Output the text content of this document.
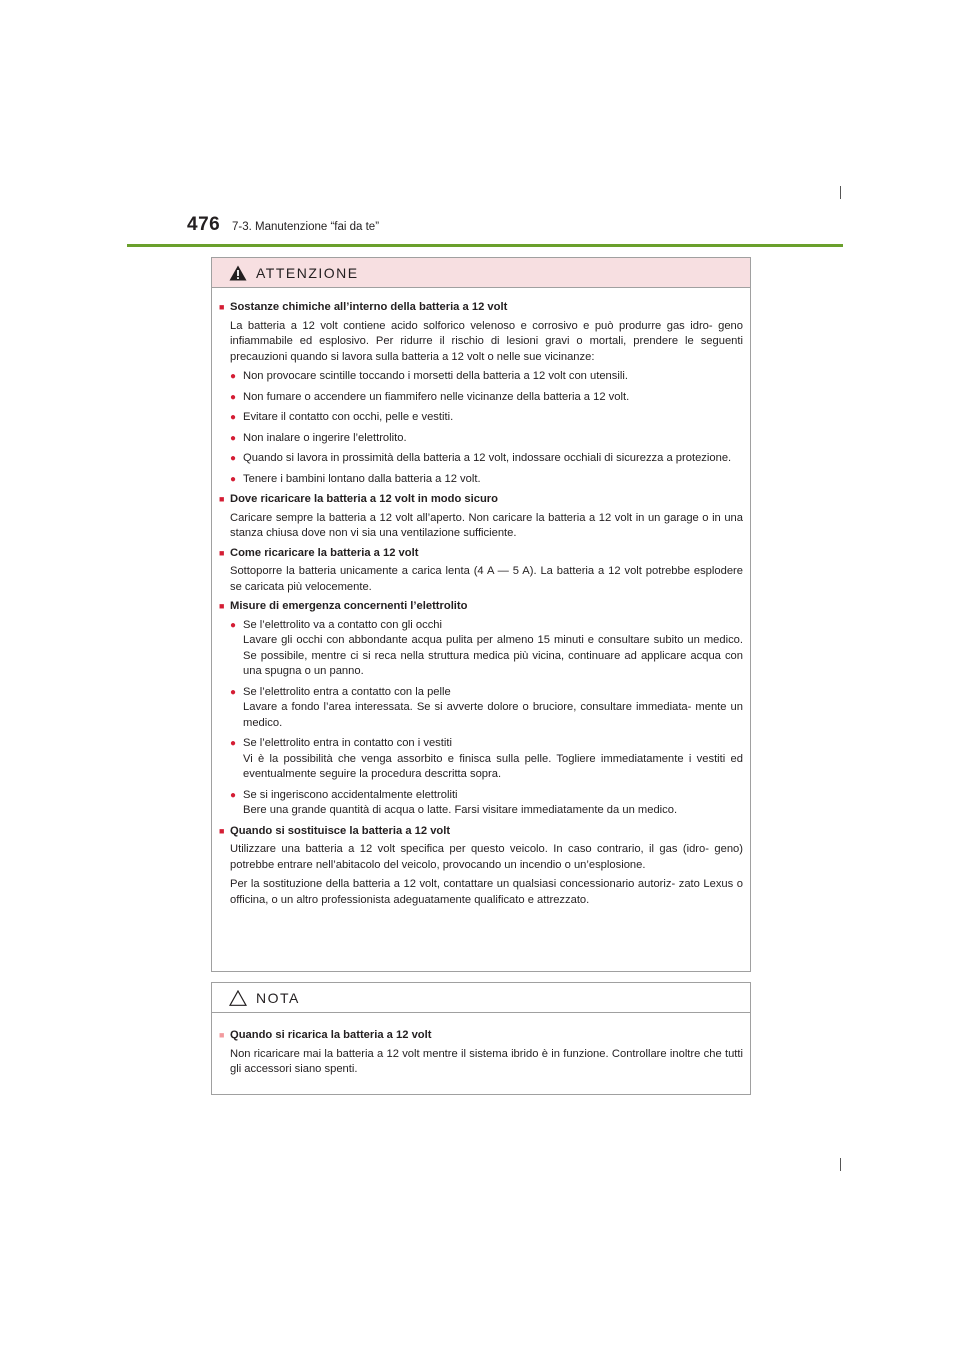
476 7-3. Manutenzione “fai da te”
ATTENZIONE
■ Sostanze chimiche all’interno della batteria a 12 volt
La batteria a 12 volt contiene acido solforico velenoso e corrosivo e può produrre gas idro- geno infiammabile ed esplosivo. Per ridurre il rischio di lesioni gravi o mortali, prendere le seguenti precauzioni quando si lavora sulla batteria a 12 volt o nelle sue vicinanze:
● Non provocare scintille toccando i morsetti della batteria a 12 volt con utensili.
● Non fumare o accendere un fiammifero nelle vicinanze della batteria a 12 volt.
● Evitare il contatto con occhi, pelle e vestiti.
● Non inalare o ingerire l’elettrolito.
● Quando si lavora in prossimità della batteria a 12 volt, indossare occhiali di sicurezza a protezione.
● Tenere i bambini lontano dalla batteria a 12 volt.
■ Dove ricaricare la batteria a 12 volt in modo sicuro
Caricare sempre la batteria a 12 volt all’aperto. Non caricare la batteria a 12 volt in un garage o in una stanza chiusa dove non vi sia una ventilazione sufficiente.
■ Come ricaricare la batteria a 12 volt
Sottoporre la batteria unicamente a carica lenta (4 A — 5 A). La batteria a 12 volt potrebbe esplodere se caricata più velocemente.
■ Misure di emergenza concernenti l’elettrolito
● Se l’elettrolito va a contatto con gli occhi
Lavare gli occhi con abbondante acqua pulita per almeno 15 minuti e consultare subito un medico. Se possibile, mentre ci si reca nella struttura medica più vicina, continuare ad applicare acqua con una spugna o un panno.
● Se l’elettrolito entra a contatto con la pelle
Lavare a fondo l’area interessata. Se si avverte dolore o bruciore, consultare immediata- mente un medico.
● Se l’elettrolito entra in contatto con i vestiti
Vi è la possibilità che venga assorbito e finisca sulla pelle. Togliere immediatamente i vestiti ed eventualmente seguire la procedura descritta sopra.
● Se si ingeriscono accidentalmente elettroliti
Bere una grande quantità di acqua o latte. Farsi visitare immediatamente da un medico.
■ Quando si sostituisce la batteria a 12 volt
Utilizzare una batteria a 12 volt specifica per questo veicolo. In caso contrario, il gas (idro- geno) potrebbe entrare nell’abitacolo del veicolo, provocando un incendio o un’esplosione.
Per la sostituzione della batteria a 12 volt, contattare un qualsiasi concessionario autoriz- zato Lexus o officina, o un altro professionista adeguatamente qualificato e attrezzato.
NOTA
■ Quando si ricarica la batteria a 12 volt
Non ricaricare mai la batteria a 12 volt mentre il sistema ibrido è in funzione. Controllare inoltre che tutti gli accessori siano spenti.
